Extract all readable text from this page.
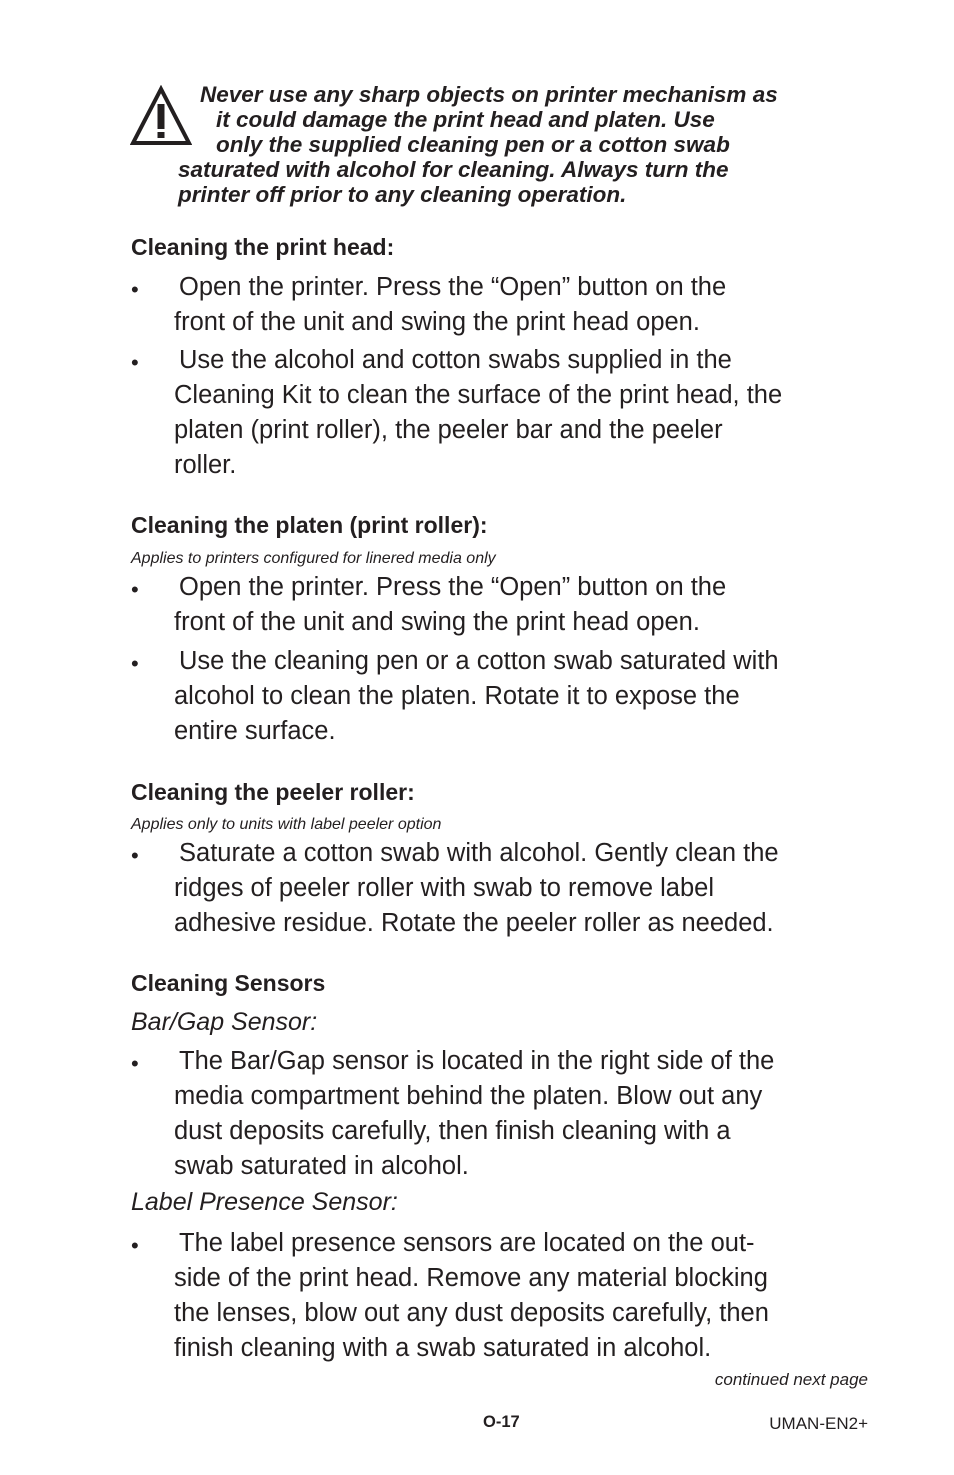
Never use any sharp objects on printer mechanism as
it could damage the print head and platen. Use
only the supplied cleaning pen or a cotton swab
saturated with alcohol for cleaning. Always turn the
printer off prior to any cleaning operation.
Cleaning the print head:
• Open the printer. Press the “Open” button on the
front of the unit and swing the print head open.
• Use the alcohol and cotton swabs supplied in the
Cleaning Kit to clean the surface of the print head, the
platen (print roller), the peeler bar and the peeler
roller.
Cleaning the platen (print roller):
Applies to printers configured for linered media only
• Open the printer. Press the “Open” button on the
front of the unit and swing the print head open.
• Use the cleaning pen or a cotton swab saturated with
alcohol to clean the platen. Rotate it to expose the
entire surface.
Cleaning the peeler roller:
Applies only to units with label peeler option
• Saturate a cotton swab with alcohol. Gently clean the
ridges of peeler roller with swab to remove label
adhesive residue. Rotate the peeler roller as needed.
Cleaning Sensors
Bar/Gap Sensor:
• The Bar/Gap sensor is located in the right side of the
media compartment behind the platen. Blow out any
dust deposits carefully, then finish cleaning with a
swab saturated in alcohol.
Label Presence Sensor:
• The label presence sensors are located on the out-
side of the print head. Remove any material blocking
the lenses, blow out any dust deposits carefully, then
finish cleaning with a swab saturated in alcohol.
continued next page
O-17	UMAN-EN2+
